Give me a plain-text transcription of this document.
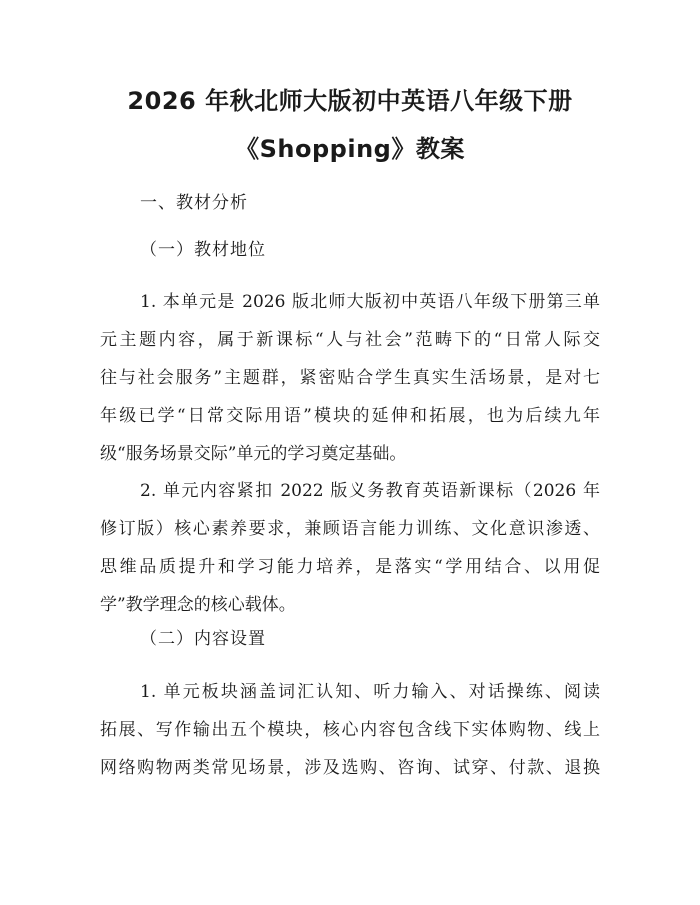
2026 年秋北师大版初中英语八年级下册
《Shopping》教案
一、教材分析
（一）教材地位
1. 本单元是 2026 版北师大版初中英语八年级下册第三单
元主题内容，属于新课标“人与社会”范畴下的“日常人际交
往与社会服务”主题群，紧密贴合学生真实生活场景，是对七
年级已学“日常交际用语”模块的延伸和拓展，也为后续九年
级“服务场景交际”单元的学习奠定基础。
2. 单元内容紧扣 2022 版义务教育英语新课标（2026 年
修订版）核心素养要求，兼顾语言能力训练、文化意识渗透、
思维品质提升和学习能力培养，是落实“学用结合、以用促
学”教学理念的核心载体。
（二）内容设置
1. 单元板块涵盖词汇认知、听力输入、对话操练、阅读
拓展、写作输出五个模块，核心内容包含线下实体购物、线上
网络购物两类常见场景，涉及选购、咨询、试穿、付款、退换
